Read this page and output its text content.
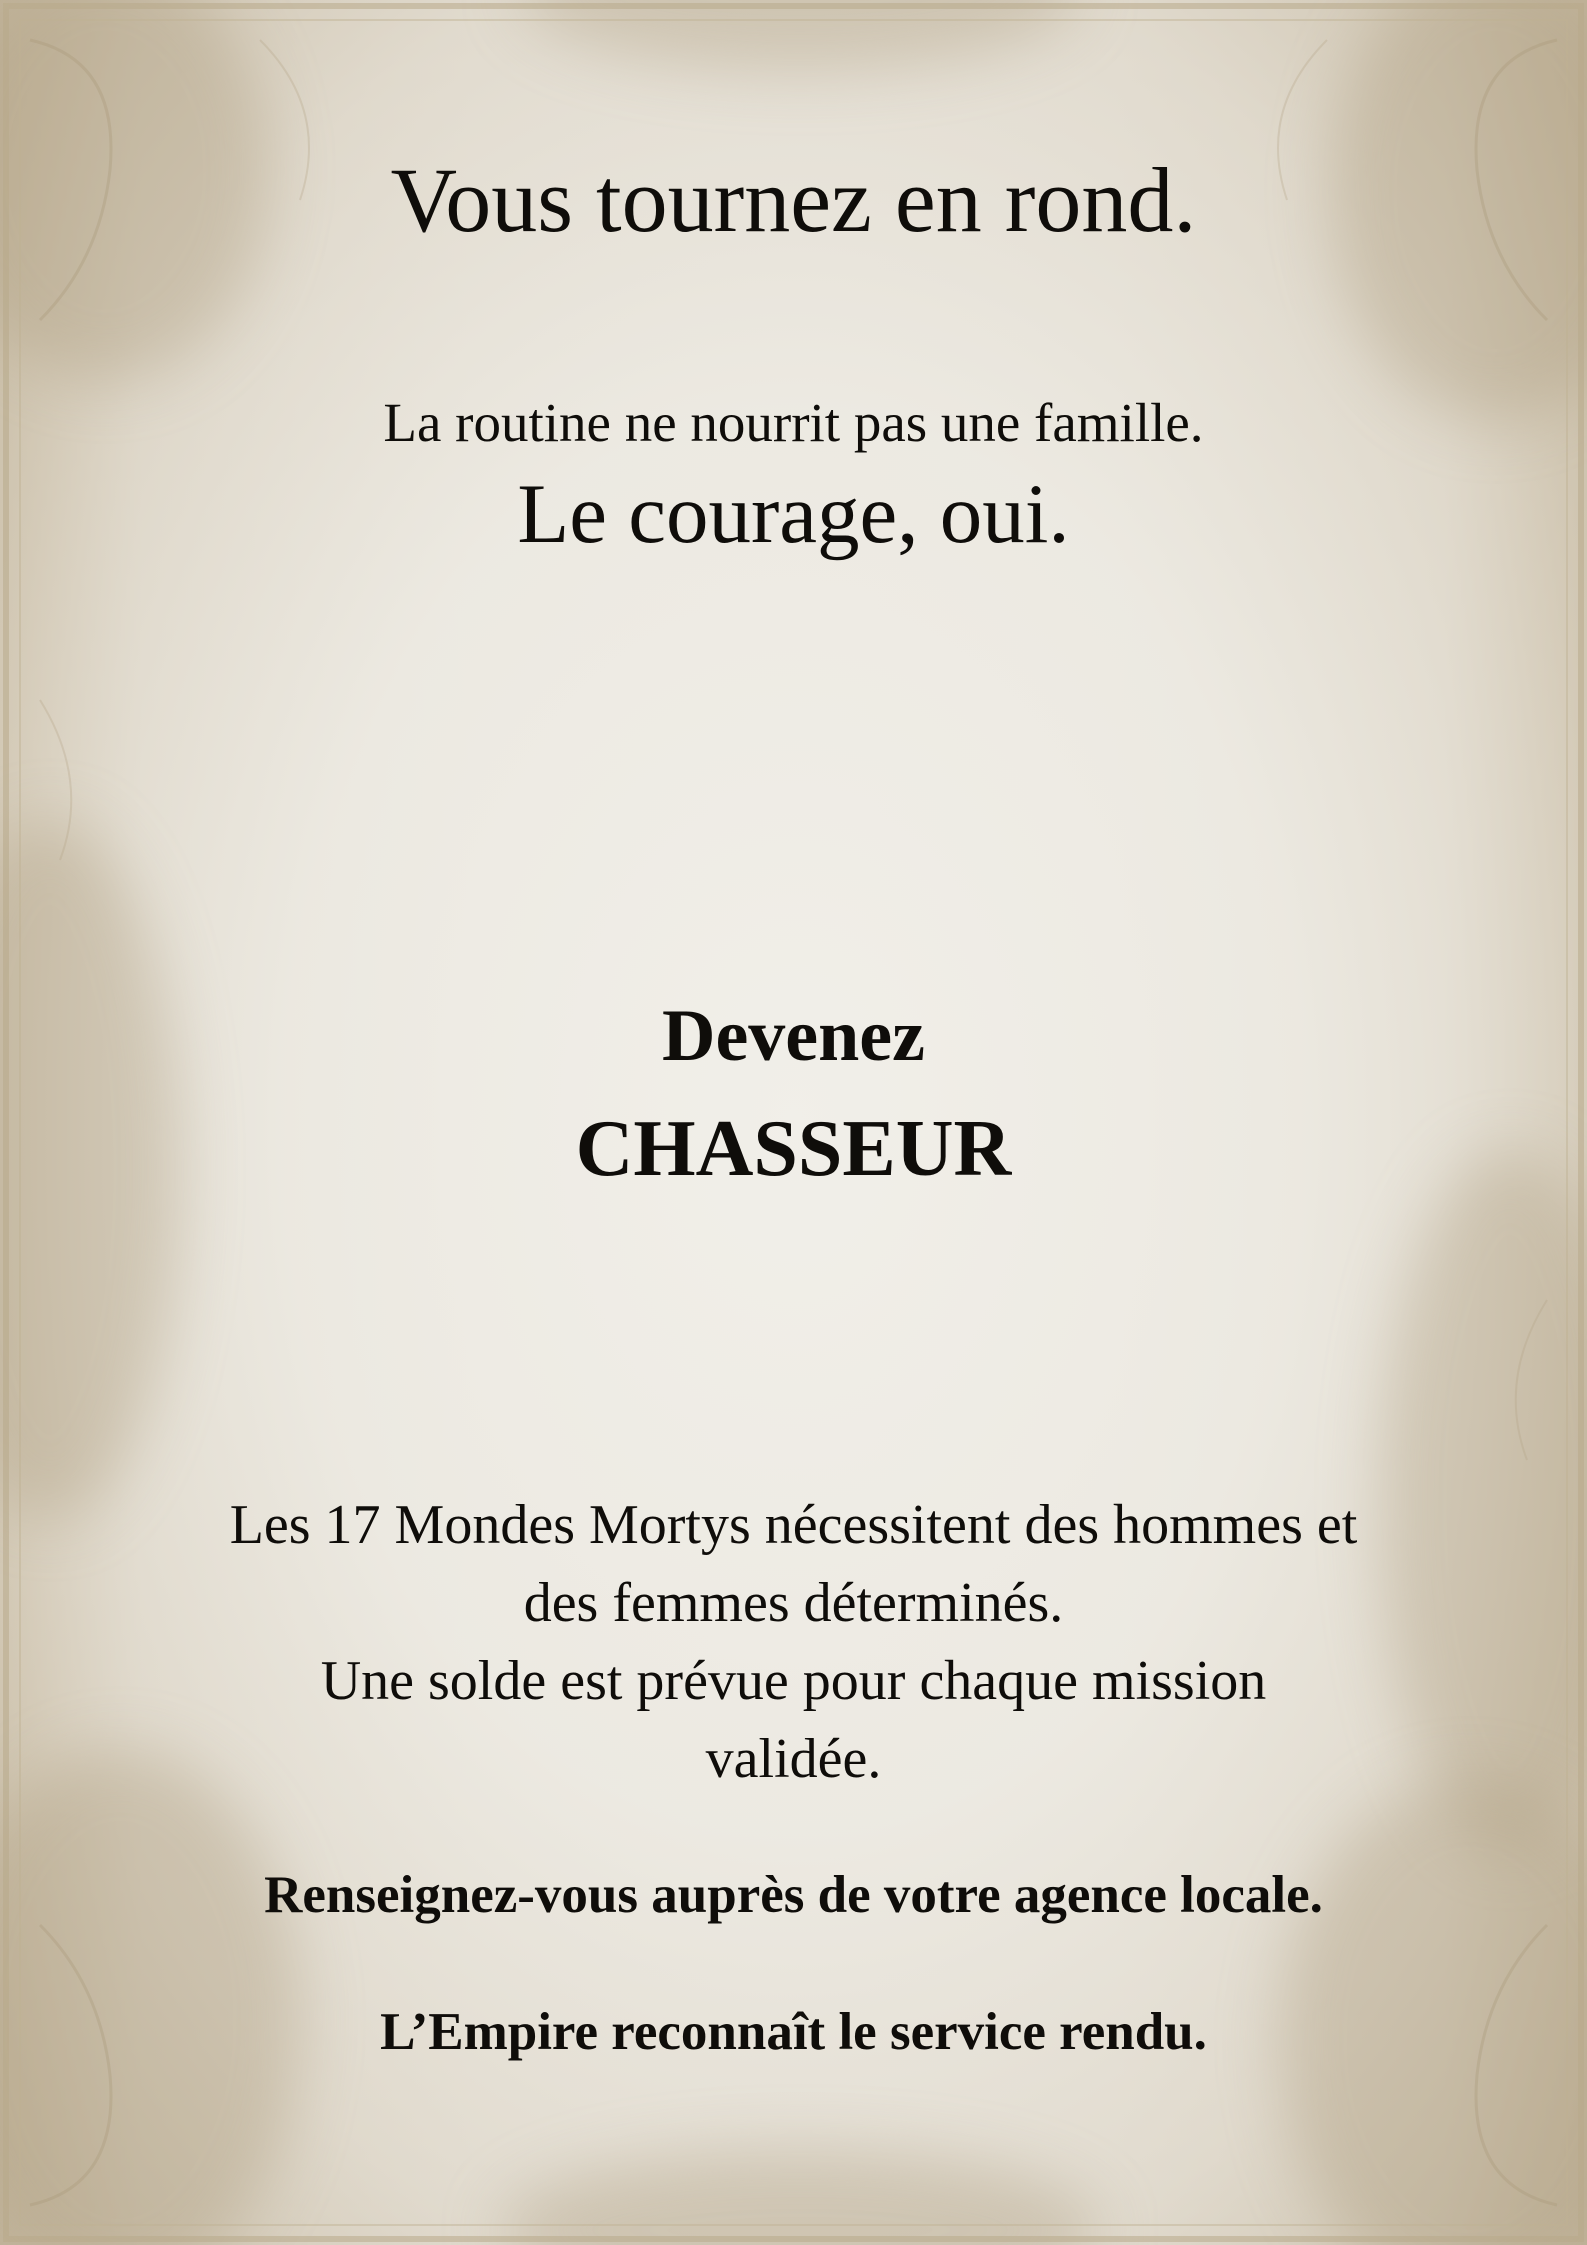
Vous tournez en rond.

La routine ne nourrit pas une famille.

Le courage, oui.

Devenez

CHASSEUR

Les 17 Mondes Mortys nécessitent des hommes et
des femmes déterminés.
Une solde est prévue pour chaque mission
validée.

Renseignez-vous auprès de votre agence locale.

L’Empire reconnaît le service rendu.
